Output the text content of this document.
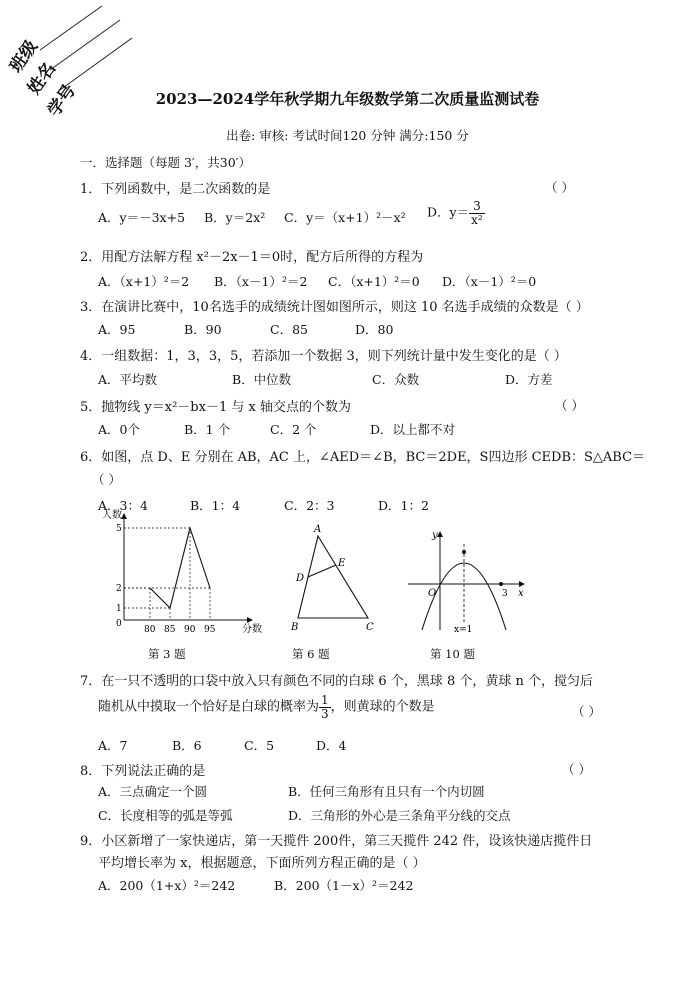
班级
姓名
学号	2023—2024学年秋学期九年级数学第二次质量监测试卷
出卷: 审核: 考试时间120 分钟 满分:150 分
一．选择题（每题 3′，共30′）
1．下列函数中，是二次函数的是	（ ）
A．y＝－3x+5 B．y＝2x² C．y＝（x+1）²－x² D．$y= \frac{3}{\text{x²}}$
2．用配方法解方程 x²－2x－1＝0时，配方后所得的方程为
A．（x+1）²＝2 B．（x－1）²＝2 C．（x+1）²＝0 D．（x－1）²＝0
3．在演讲比赛中，10名选手的成绩统计图如图所示，则这 10 名选手成绩的众数是（ ）
A．95	B．90	C．85	D．80
4．一组数据：1，3，3，5，若添加一个数据 3，则下列统计量中发生变化的是（ ）
A．平均数	B．中位数	C．众数	D．方差
5．抛物线 y＝x²－bx－1 与 x 轴交点的个数为	（ ）
A．0个	B．1 个	C．2 个	D．以上都不对
6．如图，点 D、E 分别在 AB，AC 上，∠AED＝∠B，BC＝2DE，S四边形 CEDB：S△ABC＝
（ ）
A．3：4	B．1：4	C．2：3	D．1：2
人数
分数
0
80 85 90 95
1
2
5
第 3 题
A
B	C
D
E
第 6 题
y
x
O	3
x=1
第 10 题
7．在一只不透明的口袋中放入只有颜色不同的白球 6 个，黑球 8 个，黄球 n 个，搅匀后
随机从中摸取一个恰好是白球的概率为 $\frac{1}{3}$ ，则黄球的个数是	（ ）
A．7	B．6	C．5	D．4
8．下列说法正确的是	（ ）
A．三点确定一个圆	B．任何三角形有且只有一个内切圆
C．长度相等的弧是等弧	D．三角形的外心是三条角平分线的交点
9．小区新增了一家快递店，第一天揽件 200件，第三天揽件 242 件，设该快递店揽件日
平均增长率为 x，根据题意，下面所列方程正确的是（ ）
A．200（1+x）²＝242	B．200（1－x）²＝242
